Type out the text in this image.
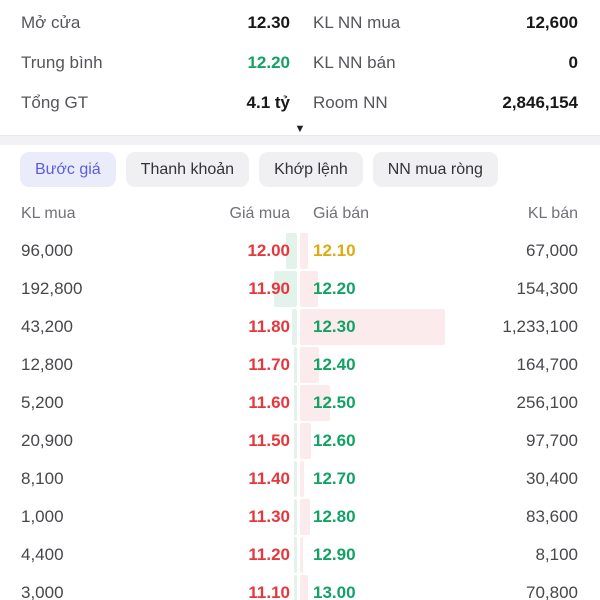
Mở cửa	12.30 KL NN mua	12,600
Trung bình	12.20 KL NN bán	0
Tổng GT	4.1 tỷ Room NN	2,846,154
▼
Bước giá	Thanh khoản	Khớp lệnh	NN mua ròng
KL mua	Giá mua Giá bán	KL bán
96,000	12.00 12.10	67,000
192,800	11.90 12.20	154,300
43,200	11.80 12.30	1,233,100
12,800	11.70 12.40	164,700
5,200	11.60 12.50	256,100
20,900	11.50 12.60	97,700
8,100	11.40 12.70	30,400
1,000	11.30 12.80	83,600
4,400	11.20 12.90	8,100
3,000	11.10 13.00	70,800
